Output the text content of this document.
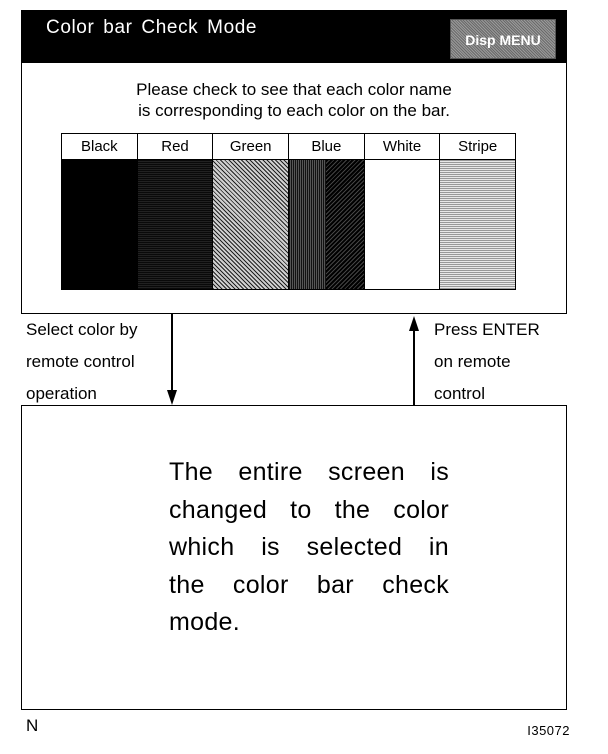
Color bar Check Mode
Disp MENU
Please check to see that each color name
is corresponding to each color on the bar.
Black	Red	Green	Blue	White	Stripe
Select color by
remote control
operation
Press ENTER
on remote
control
The entire screen is
changed to the color
which is selected in
the color bar check
mode.
N	I35072
